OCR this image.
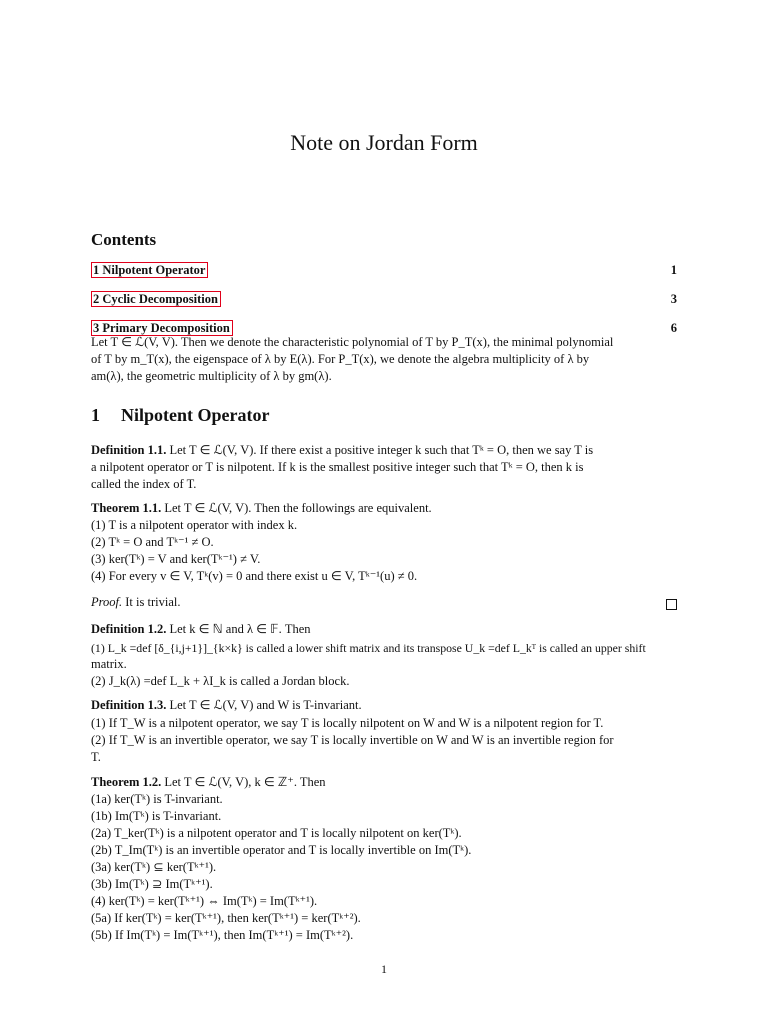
Note on Jordan Form
Contents
1 Nilpotent Operator	1
2 Cyclic Decomposition	3
3 Primary Decomposition	6
Let T ∈ ℒ(V, V). Then we denote the characteristic polynomial of T by P_T(x), the minimal polynomial
of T by m_T(x), the eigenspace of λ by E(λ). For P_T(x), we denote the algebra multiplicity of λ by
am(λ), the geometric multiplicity of λ by gm(λ).
1 Nilpotent Operator
Definition 1.1. Let T ∈ ℒ(V, V). If there exist a positive integer k such that Tᵏ = O, then we say T is
a nilpotent operator or T is nilpotent. If k is the smallest positive integer such that Tᵏ = O, then k is
called the index of T.
Theorem 1.1. Let T ∈ ℒ(V, V). Then the followings are equivalent.
(1) T is a nilpotent operator with index k.
(2) Tᵏ = O and Tᵏ⁻¹ ≠ O.
(3) ker(Tᵏ) = V and ker(Tᵏ⁻¹) ≠ V.
(4) For every v ∈ V, Tᵏ(v) = 0 and there exist u ∈ V, Tᵏ⁻¹(u) ≠ 0.
Proof. It is trivial.
Definition 1.2. Let k ∈ ℕ and λ ∈ 𝔽. Then
(1) L_k =def [δ_{i,j+1}]_{k×k} is called a lower shift matrix and its transpose U_k =def L_kᵀ is called an upper shift
matrix.
(2) J_k(λ) =def L_k + λI_k is called a Jordan block.
Definition 1.3. Let T ∈ ℒ(V, V) and W is T-invariant.
(1) If T_W is a nilpotent operator, we say T is locally nilpotent on W and W is a nilpotent region for T.
(2) If T_W is an invertible operator, we say T is locally invertible on W and W is an invertible region for
T.
Theorem 1.2. Let T ∈ ℒ(V, V), k ∈ ℤ⁺. Then
(1a) ker(Tᵏ) is T-invariant.
(1b) Im(Tᵏ) is T-invariant.
(2a) T_ker(Tᵏ) is a nilpotent operator and T is locally nilpotent on ker(Tᵏ).
(2b) T_Im(Tᵏ) is an invertible operator and T is locally invertible on Im(Tᵏ).
(3a) ker(Tᵏ) ⊆ ker(Tᵏ⁺¹).
(3b) Im(Tᵏ) ⊇ Im(Tᵏ⁺¹).
(4) ker(Tᵏ) = ker(Tᵏ⁺¹) ⇔ Im(Tᵏ) = Im(Tᵏ⁺¹).
(5a) If ker(Tᵏ) = ker(Tᵏ⁺¹), then ker(Tᵏ⁺¹) = ker(Tᵏ⁺²).
(5b) If Im(Tᵏ) = Im(Tᵏ⁺¹), then Im(Tᵏ⁺¹) = Im(Tᵏ⁺²).
1
